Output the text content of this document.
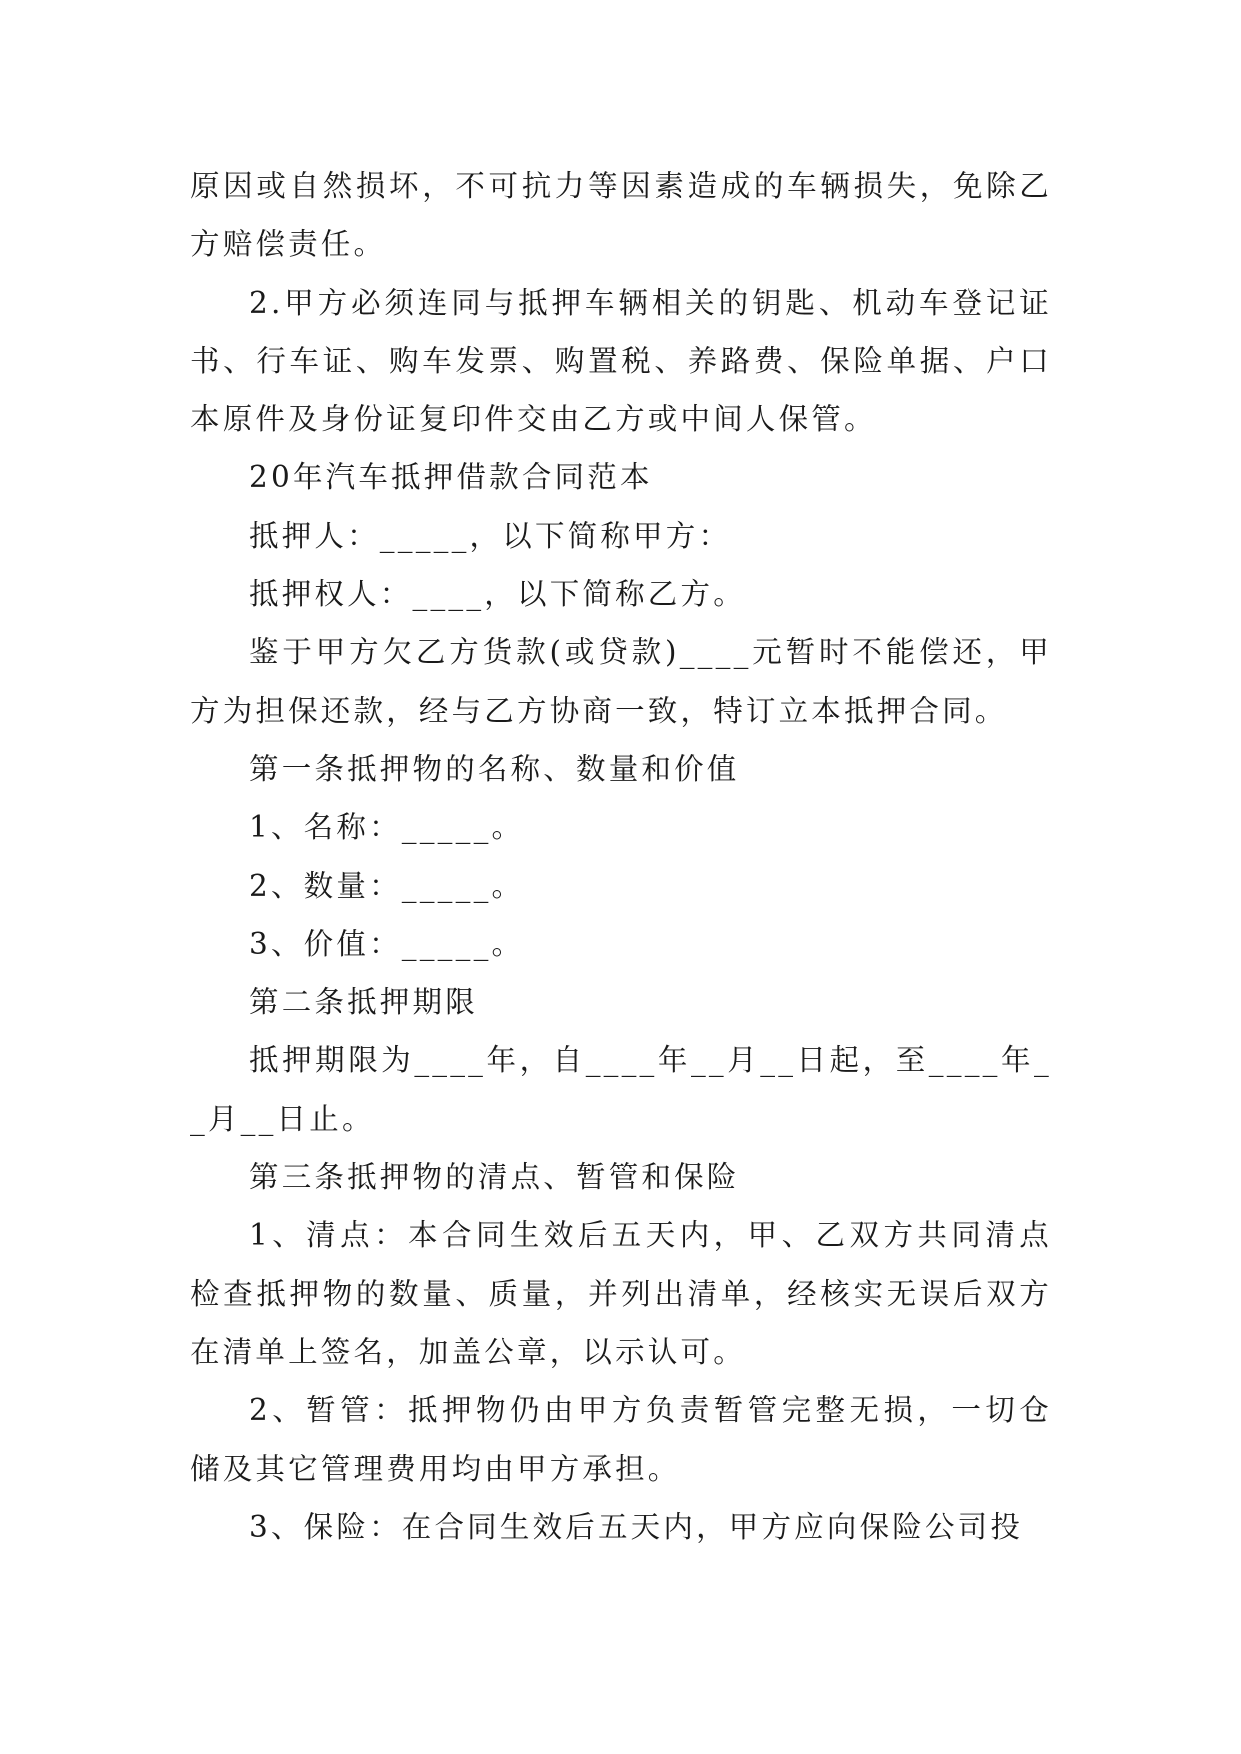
原因或自然损坏，不可抗力等因素造成的车辆损失，免除乙方赔偿责任。

2.甲方必须连同与抵押车辆相关的钥匙、机动车登记证书、行车证、购车发票、购置税、养路费、保险单据、户口本原件及身份证复印件交由乙方或中间人保管。

20年汽车抵押借款合同范本

抵押人：_____，以下简称甲方：

抵押权人：____，以下简称乙方。

鉴于甲方欠乙方货款(或贷款)____元暂时不能偿还，甲方为担保还款，经与乙方协商一致，特订立本抵押合同。

第一条抵押物的名称、数量和价值

1、名称：_____。

2、数量：_____。

3、价值：_____。

第二条抵押期限

抵押期限为____年，自____年__月__日起，至____年__月__日止。

第三条抵押物的清点、暂管和保险

1、清点：本合同生效后五天内，甲、乙双方共同清点检查抵押物的数量、质量，并列出清单，经核实无误后双方在清单上签名，加盖公章，以示认可。

2、暂管：抵押物仍由甲方负责暂管完整无损，一切仓储及其它管理费用均由甲方承担。

3、保险：在合同生效后五天内，甲方应向保险公司投
